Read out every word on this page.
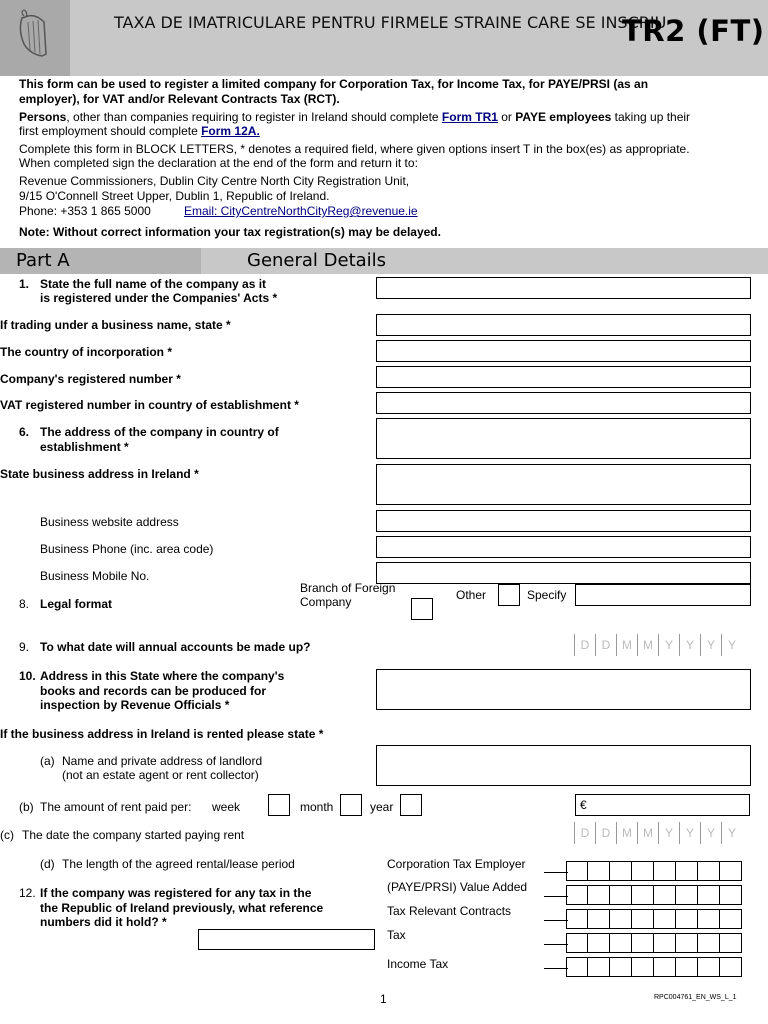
TAXA DE IMATRICULARE PENTRU FIRMELE STRAINE CARE SE INSCRIU
TR2 (FT)
This form can be used to register a limited company for Corporation Tax, for Income Tax, for PAYE/PRSI (as an
employer), for VAT and/or Relevant Contracts Tax (RCT).
Persons, other than companies requiring to register in Ireland should complete Form TR1 or PAYE employees taking up their
first employment should complete Form 12A.
Complete this form in BLOCK LETTERS, * denotes a required field, where given options insert T in the box(es) as appropriate.
When completed sign the declaration at the end of the form and return it to:
Revenue Commissioners, Dublin City Centre North City Registration Unit,
9/15 O'Connell Street Upper, Dublin 1, Republic of Ireland.
Phone: +353 1 865 5000	Email: CityCentreNorthCityReg@revenue.ie
Note: Without correct information your tax registration(s) may be delayed.
Part A	General Details
1. State the full name of the company as it
is registered under the Companies' Acts *
If trading under a business name, state *
The country of incorporation *
Company's registered number *
VAT registered number in country of establishment *
6. The address of the company in country of
establishment *
State business address in Ireland *
Business website address
Business Phone (inc. area code)
Business Mobile No.
8. Legal format
Branch of Foreign
Company	Other	Specify
9. To what date will annual accounts be made up?	D	D M M Y	Y	Y	Y
10. Address in this State where the company's
books and records can be produced for
inspection by Revenue Officials *
If the business address in Ireland is rented please state *
(a) Name and private address of landlord
(not an estate agent or rent collector)
(b) The amount of rent paid per: week	month	year	€
(c) The date the company started paying rent	D	D M M Y	Y	Y	Y
(d) The length of the agreed rental/lease period
12. If the company was registered for any tax in the
the Republic of Ireland previously, what reference
numbers did it hold? *
Corporation Tax Employer
(PAYE/PRSI) Value Added
Tax Relevant Contracts
Tax
Income Tax
1	RPC004761_EN_WS_L_1
